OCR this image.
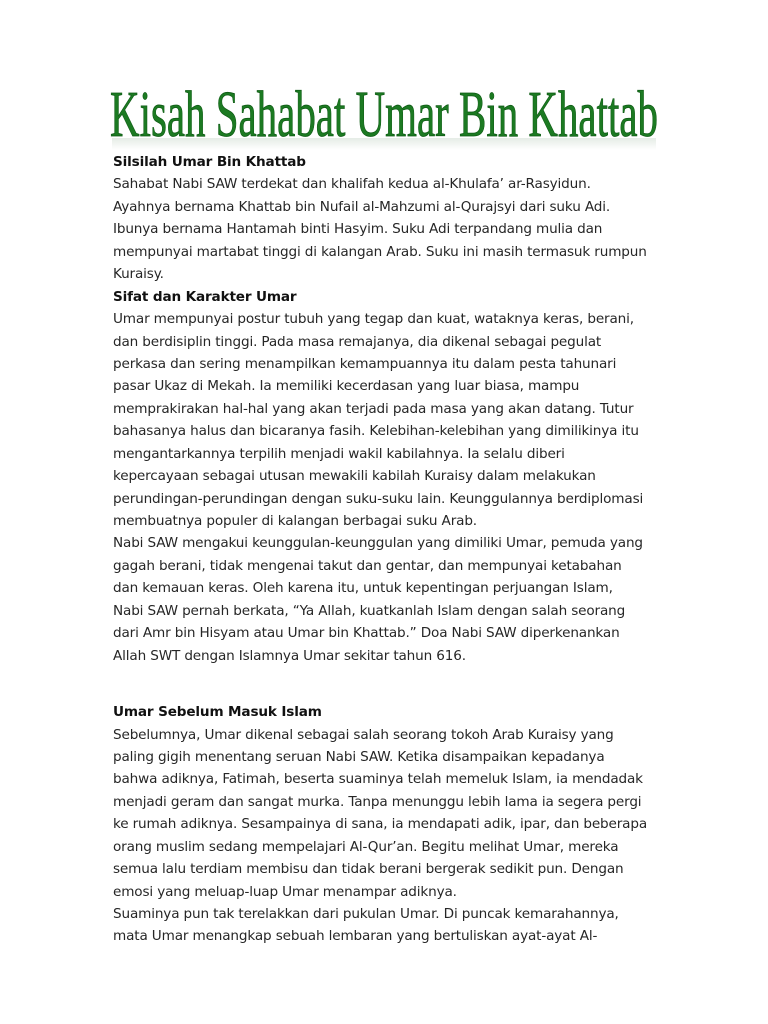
Kisah Sahabat Umar Bin Khattab
Silsilah Umar Bin Khattab
Sahabat Nabi SAW terdekat dan khalifah kedua al-Khulafa’ ar-Rasyidun.
Ayahnya bernama Khattab bin Nufail al-Mahzumi al-Qurajsyi dari suku Adi.
Ibunya bernama Hantamah binti Hasyim. Suku Adi terpandang mulia dan
mempunyai martabat tinggi di kalangan Arab. Suku ini masih termasuk rumpun
Kuraisy.
Sifat dan Karakter Umar
Umar mempunyai postur tubuh yang tegap dan kuat, wataknya keras, berani,
dan berdisiplin tinggi. Pada masa remajanya, dia dikenal sebagai pegulat
perkasa dan sering menampilkan kemampuannya itu dalam pesta tahunari
pasar Ukaz di Mekah. Ia memiliki kecerdasan yang luar biasa, mampu
memprakirakan hal-hal yang akan terjadi pada masa yang akan datang. Tutur
bahasanya halus dan bicaranya fasih. Kelebihan-kelebihan yang dimilikinya itu
mengantarkannya terpilih menjadi wakil kabilahnya. Ia selalu diberi
kepercayaan sebagai utusan mewakili kabilah Kuraisy dalam melakukan
perundingan-perundingan dengan suku-suku lain. Keunggulannya berdiplomasi
membuatnya populer di kalangan berbagai suku Arab.
Nabi SAW mengakui keunggulan-keunggulan yang dimiliki Umar, pemuda yang
gagah berani, tidak mengenai takut dan gentar, dan mempunyai ketabahan
dan kemauan keras. Oleh karena itu, untuk kepentingan perjuangan Islam,
Nabi SAW pernah berkata, “Ya Allah, kuatkanlah Islam dengan salah seorang
dari Amr bin Hisyam atau Umar bin Khattab.” Doa Nabi SAW diperkenankan
Allah SWT dengan Islamnya Umar sekitar tahun 616.
Umar Sebelum Masuk Islam
Sebelumnya, Umar dikenal sebagai salah seorang tokoh Arab Kuraisy yang
paling gigih menentang seruan Nabi SAW. Ketika disampaikan kepadanya
bahwa adiknya, Fatimah, beserta suaminya telah memeluk Islam, ia mendadak
menjadi geram dan sangat murka. Tanpa menunggu lebih lama ia segera pergi
ke rumah adiknya. Sesampainya di sana, ia mendapati adik, ipar, dan beberapa
orang muslim sedang mempelajari Al-Qur’an. Begitu melihat Umar, mereka
semua lalu terdiam membisu dan tidak berani bergerak sedikit pun. Dengan
emosi yang meluap-luap Umar menampar adiknya.
Suaminya pun tak terelakkan dari pukulan Umar. Di puncak kemarahannya,
mata Umar menangkap sebuah lembaran yang bertuliskan ayat-ayat Al-
